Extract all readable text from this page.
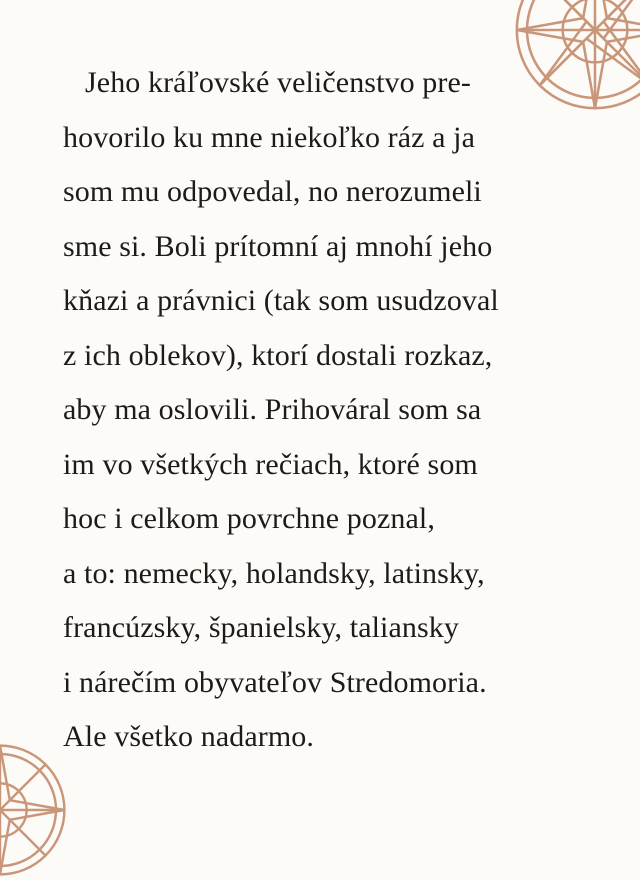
Jeho kráľovské veličenstvo pre-
hovorilo ku mne niekoľko ráz a ja
som mu odpovedal, no nerozumeli
sme si. Boli prítomní aj mnohí jeho
kňazi a právnici (tak som usudzoval
z ich oblekov), ktorí dostali rozkaz,
aby ma oslovili. Prihováral som sa
im vo všetkých rečiach, ktoré som
hoc i celkom povrchne poznal,
a to: nemecky, holandsky, latinsky,
francúzsky, španielsky, taliansky
i nárečím obyvateľov Stredomoria.
Ale všetko nadarmo.
